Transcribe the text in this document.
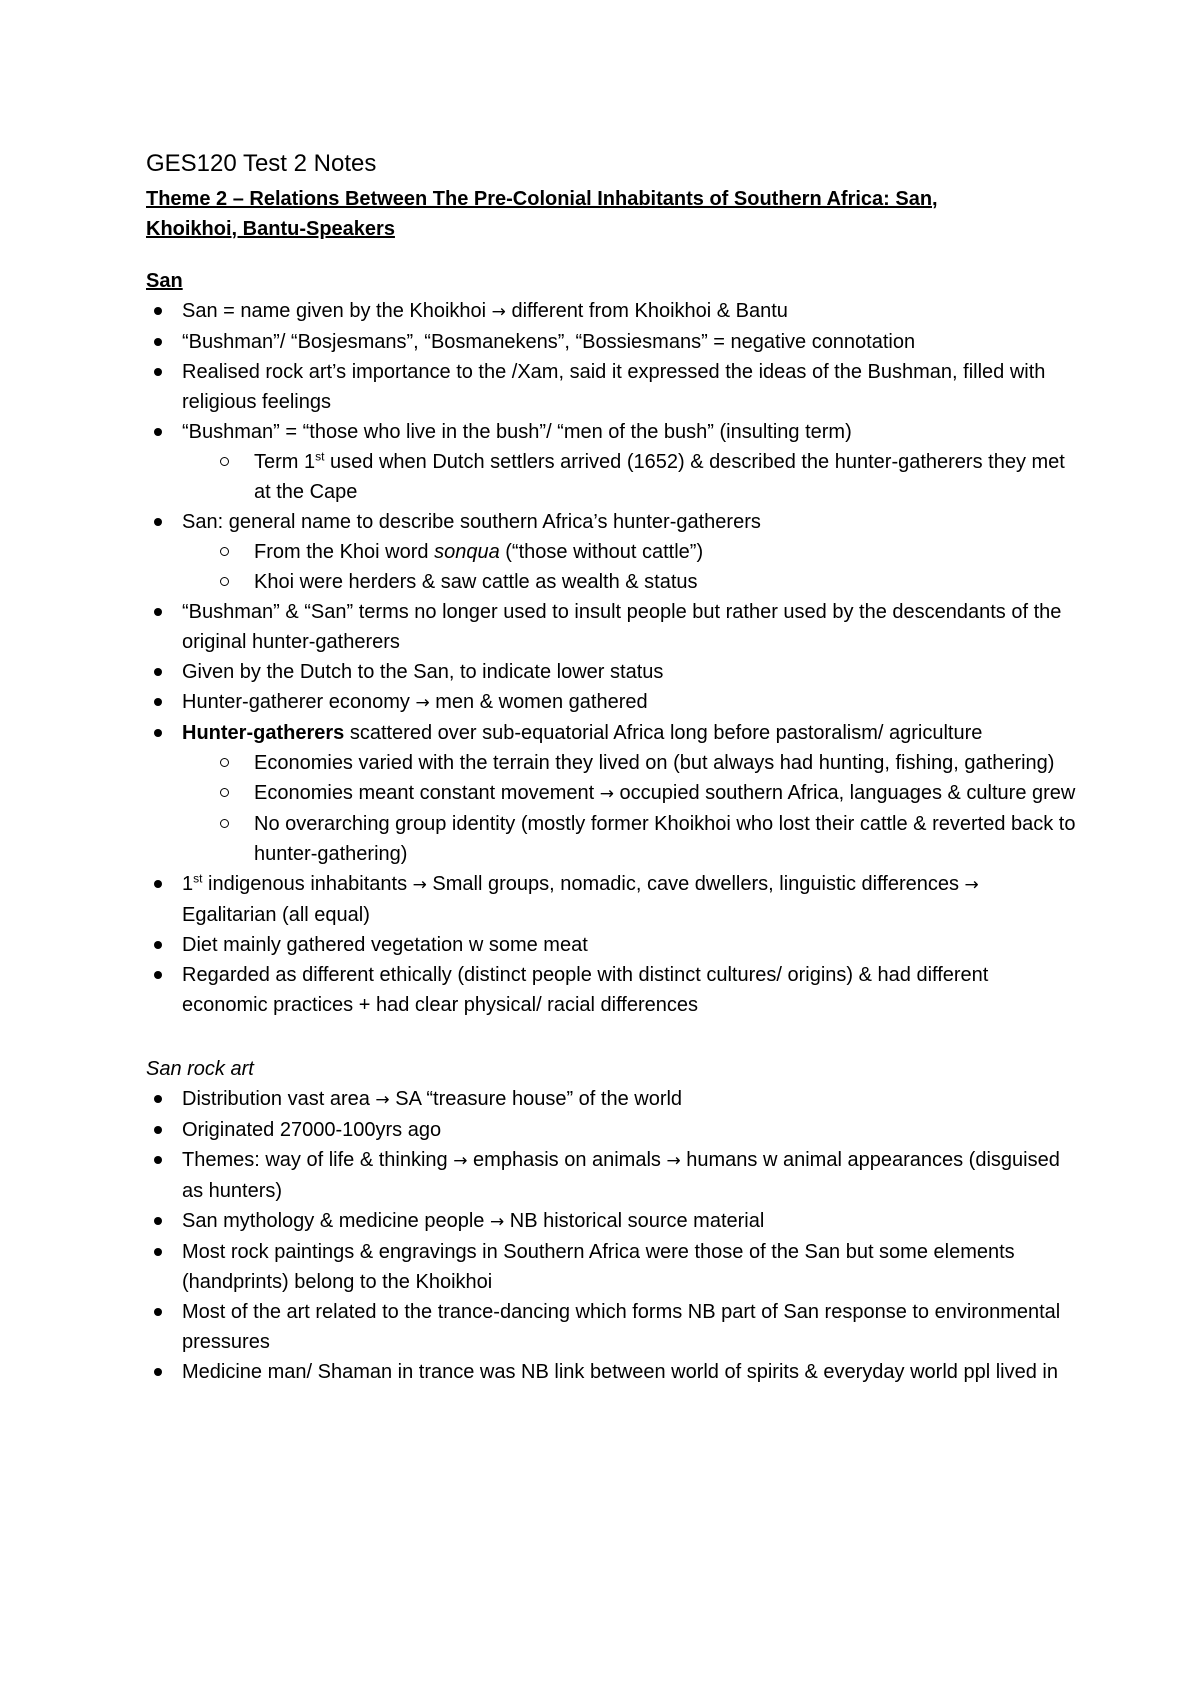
GES120 Test 2 Notes

Theme 2 – Relations Between The Pre-Colonial Inhabitants of Southern Africa: San,
Khoikhoi, Bantu-Speakers

San

San = name given by the Khoikhoi → different from Khoikhoi & Bantu
“Bushman”/ “Bosjesmans”, “Bosmanekens”, “Bossiesmans” = negative connotation
Realised rock art’s importance to the /Xam, said it expressed the ideas of the Bushman, filled with religious feelings
“Bushman” = “those who live in the bush”/ “men of the bush” (insulting term)
Term 1st used when Dutch settlers arrived (1652) & described the hunter-gatherers they met at the Cape
San: general name to describe southern Africa’s hunter-gatherers
From the Khoi word sonqua (“those without cattle”)
Khoi were herders & saw cattle as wealth & status
“Bushman” & “San” terms no longer used to insult people but rather used by the descendants of the original hunter-gatherers
Given by the Dutch to the San, to indicate lower status
Hunter-gatherer economy → men & women gathered
Hunter-gatherers scattered over sub-equatorial Africa long before pastoralism/ agriculture
Economies varied with the terrain they lived on (but always had hunting, fishing, gathering)
Economies meant constant movement → occupied southern Africa, languages & culture grew
No overarching group identity (mostly former Khoikhoi who lost their cattle & reverted back to hunter-gathering)
1st indigenous inhabitants → Small groups, nomadic, cave dwellers, linguistic differences → Egalitarian (all equal)
Diet mainly gathered vegetation w some meat
Regarded as different ethically (distinct people with distinct cultures/ origins) & had different economic practices + had clear physical/ racial differences

San rock art

Distribution vast area → SA “treasure house” of the world
Originated 27000-100yrs ago
Themes: way of life & thinking → emphasis on animals → humans w animal appearances (disguised as hunters)
San mythology & medicine people → NB historical source material
Most rock paintings & engravings in Southern Africa were those of the San but some elements (handprints) belong to the Khoikhoi
Most of the art related to the trance-dancing which forms NB part of San response to environmental pressures
Medicine man/ Shaman in trance was NB link between world of spirits & everyday world ppl lived in
